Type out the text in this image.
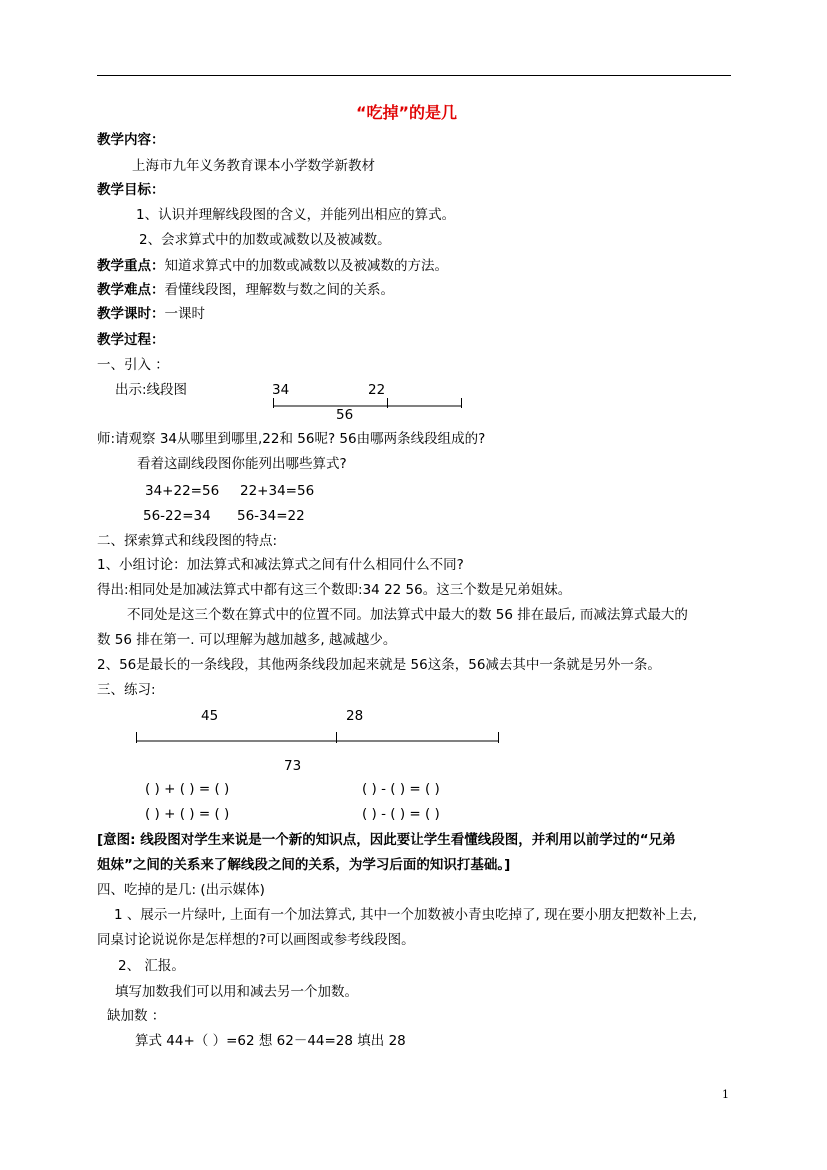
“吃掉”的是几
教学内容：
上海市九年义务教育课本小学数学新教材
教学目标：
1、认识并理解线段图的含义，并能列出相应的算式。
2、会求算式中的加数或减数以及被减数。
教学重点：知道求算式中的加数或减数以及被减数的方法。
教学难点：看懂线段图，理解数与数之间的关系。
教学课时：一课时
教学过程：
一、引入 ：
出示:线段图	34	22
56
师:请观察 34从哪里到哪里,22和 56呢? 56由哪两条线段组成的?
看着这副线段图你能列出哪些算式?
34+22=56 22+34=56
56-22=34 56-34=22
二、探索算式和线段图的特点:
1、小组讨论：加法算式和减法算式之间有什么相同什么不同?
得出:相同处是加减法算式中都有这三个数即:34 22 56。这三个数是兄弟姐妹。
不同处是这三个数在算式中的位置不同。加法算式中最大的数 56 排在最后, 而减法算式最大的
数 56 排在第一. 可以理解为越加越多, 越减越少。
2、56是最长的一条线段，其他两条线段加起来就是 56这条，56减去其中一条就是另外一条。
三、练习:
45	28
73
( ) + ( ) = ( )	( ) - ( ) = ( )
( ) + ( ) = ( )	( ) - ( ) = ( )
[意图: 线段图对学生来说是一个新的知识点，因此要让学生看懂线段图，并利用以前学过的“兄弟
姐妹”之间的关系来了解线段之间的关系，为学习后面的知识打基础。]
四、吃掉的是几: (出示媒体)
1 、展示一片绿叶, 上面有一个加法算式, 其中一个加数被小青虫吃掉了, 现在要小朋友把数补上去,
同桌讨论说说你是怎样想的?可以画图或参考线段图。
2、 汇报。
填写加数我们可以用和减去另一个加数。
缺加数 ：
算式 44+（ ）=62 想 62－44=28 填出 28
1
